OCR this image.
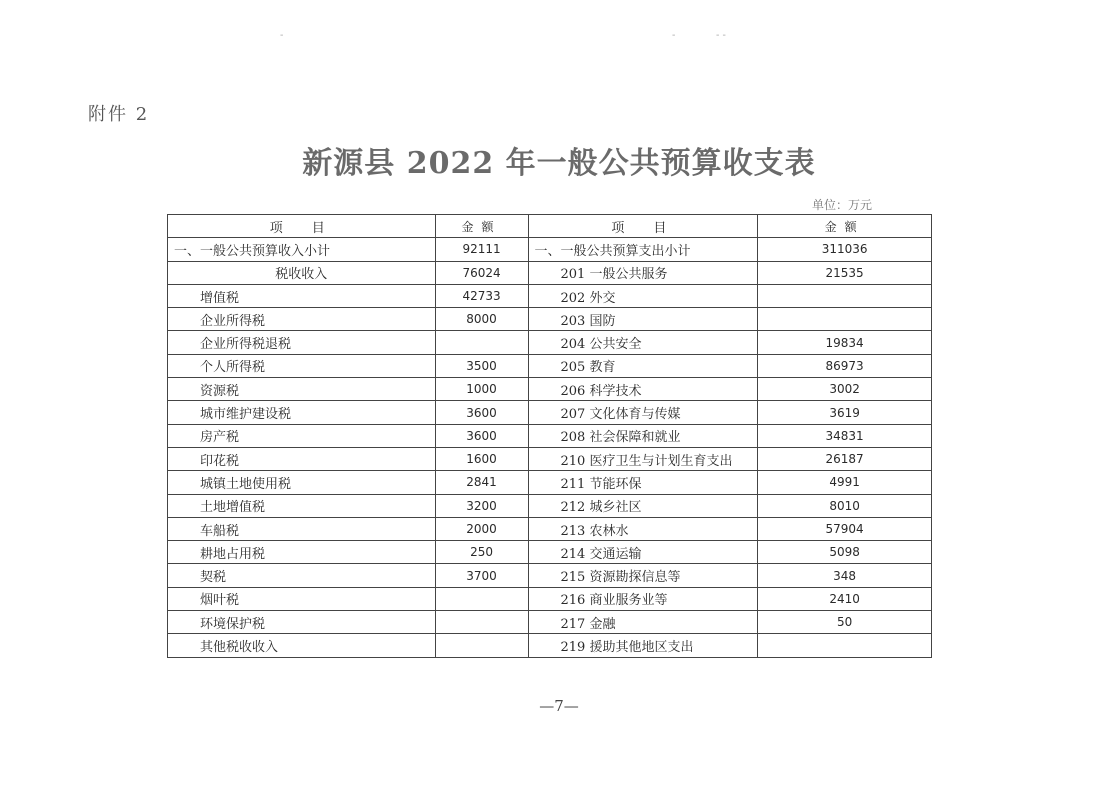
-	-	- -
附件 2
新源县 2022 年一般公共预算收支表
单位：万元
项　目	金额	项　目	金额
一、一般公共预算收入小计	92111	一、一般公共预算支出小计	311036
税收收入	76024	201 一般公共服务	21535
增值税	42733	202 外交	
企业所得税	8000	203 国防	
企业所得税退税		204 公共安全	19834
个人所得税	3500	205 教育	86973
资源税	1000	206 科学技术	3002
城市维护建设税	3600	207 文化体育与传媒	3619
房产税	3600	208 社会保障和就业	34831
印花税	1600	210 医疗卫生与计划生育支出	26187
城镇土地使用税	2841	211 节能环保	4991
土地增值税	3200	212 城乡社区	8010
车船税	2000	213 农林水	57904
耕地占用税	250	214 交通运输	5098
契税	3700	215 资源勘探信息等	348
烟叶税		216 商业服务业等	2410
环境保护税		217 金融	50
其他税收收入		219 援助其他地区支出	
—7—
